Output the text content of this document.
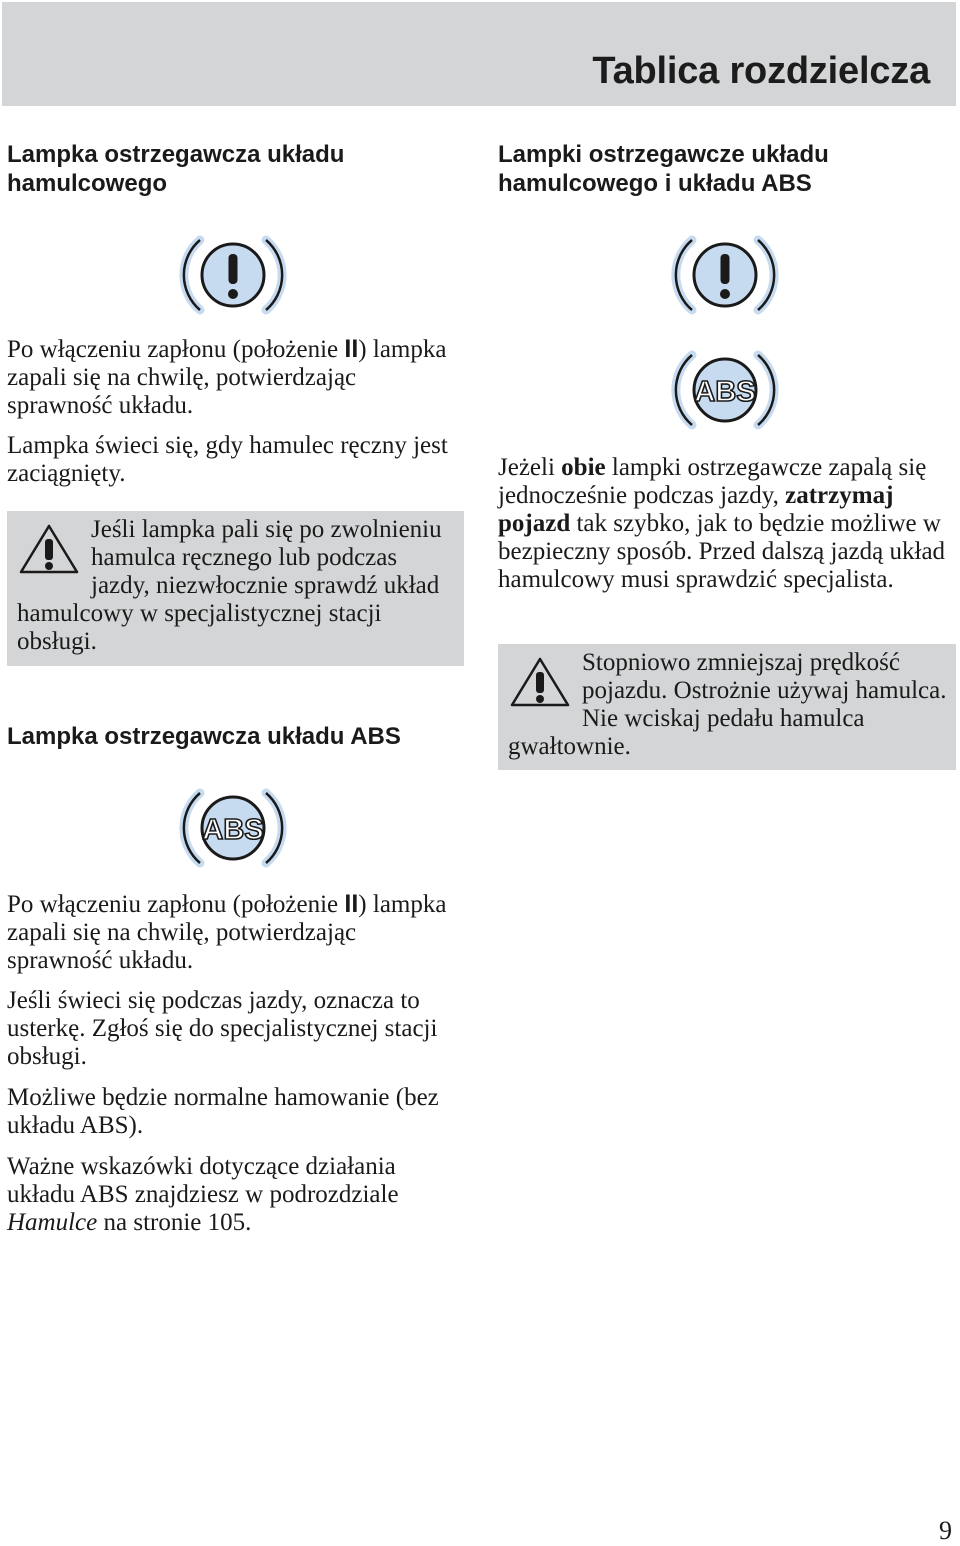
Tablica rozdzielcza
Lampka ostrzegawcza układu hamulcowego

Po włączeniu zapłonu (położenie II) lampka zapali się na chwilę, potwierdzając sprawność układu.

Lampka świeci się, gdy hamulec ręczny jest zaciągnięty.

Jeśli lampka pali się po zwolnieniu hamulca ręcznego lub podczas jazdy, niezwłocznie sprawdź układ hamulcowy w specjalistycznej stacji obsługi.
Lampka ostrzegawcza układu ABS
ABS

Po włączeniu zapłonu (położenie II) lampka zapali się na chwilę, potwierdzając sprawność układu.

Jeśli świeci się podczas jazdy, oznacza to usterkę. Zgłoś się do specjalistycznej stacji obsługi.

Możliwe będzie normalne hamowanie (bez układu ABS).

Ważne wskazówki dotyczące działania układu ABS znajdziesz w podrozdziale Hamulce na stronie 105.

Lampki ostrzegawcze układu hamulcowego i układu ABS
ABS

Jeżeli obie lampki ostrzegawcze zapalą się jednocześnie podczas jazdy, zatrzymaj pojazd tak szybko, jak to będzie możliwe w bezpieczny sposób. Przed dalszą jazdą układ hamulcowy musi sprawdzić specjalista.

Stopniowo zmniejszaj prędkość pojazdu. Ostrożnie używaj hamulca. Nie wciskaj pedału hamulca gwałtownie.
9
